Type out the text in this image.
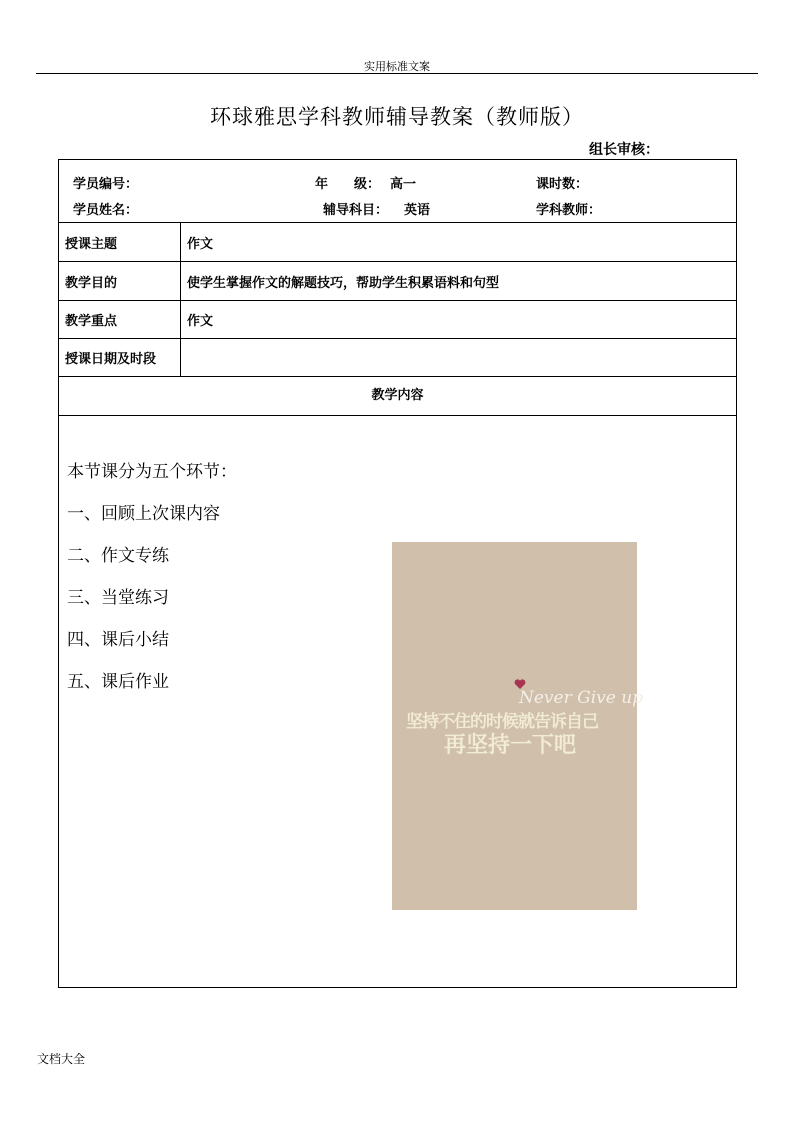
实用标准文案
环球雅思学科教师辅导教案（教师版）
组长审核：
学员编号：	年　　级： 高一	课时数：
学员姓名：	辅导科目： 英语	学科教师：
授课主题	作文
教学目的	使学生掌握作文的解题技巧，帮助学生积累语料和句型
教学重点	作文
授课日期及时段
教学内容
本节课分为五个环节：
一、回顾上次课内容
二、作文专练
三、当堂练习
四、课后小结
五、课后作业
Never Give up
坚持不住的时候就告诉自己
再坚持一下吧
文档大全
